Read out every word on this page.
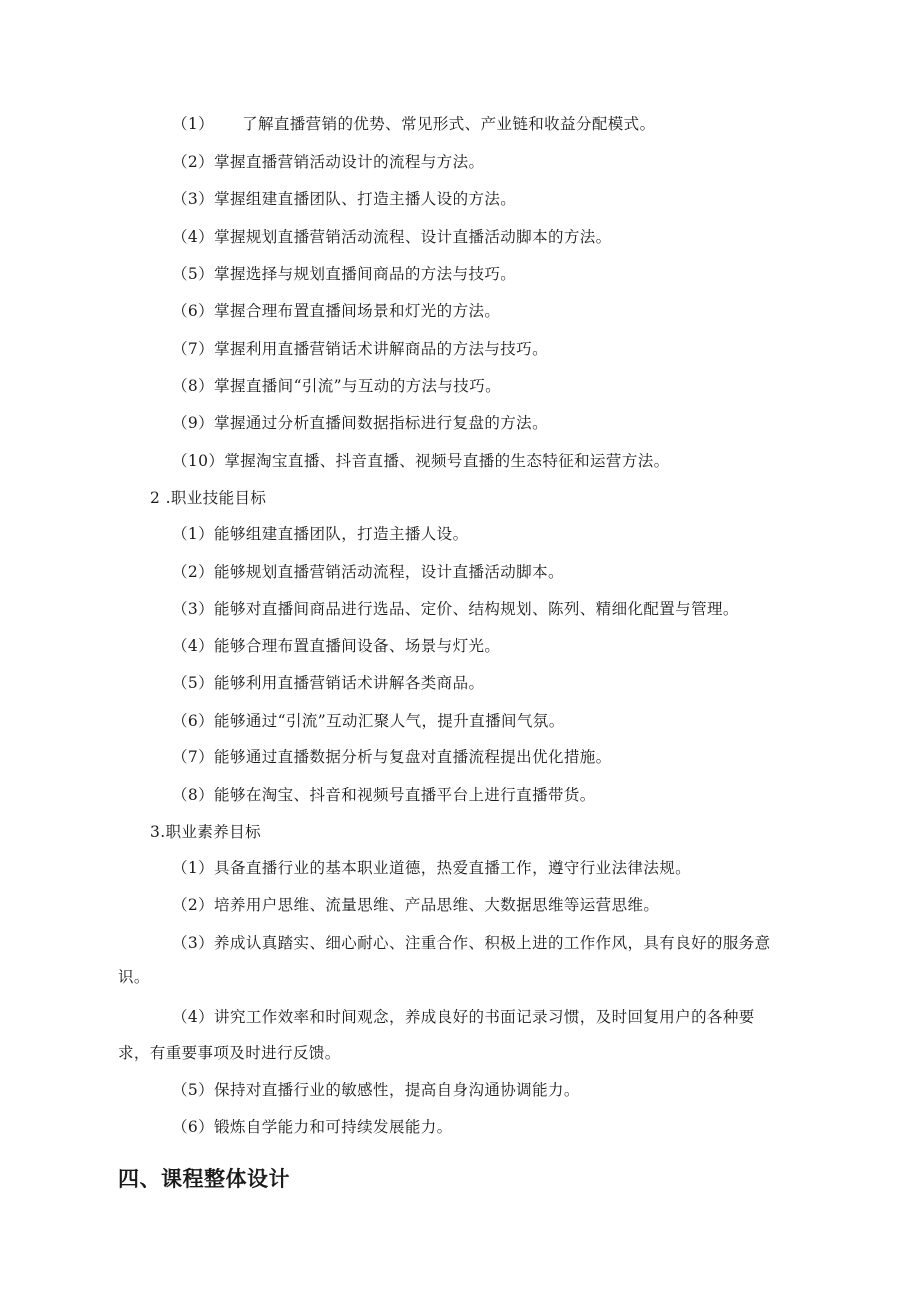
（1） 了解直播营销的优势、常见形式、产业链和收益分配模式。
（2）掌握直播营销活动设计的流程与方法。
（3）掌握组建直播团队、打造主播人设的方法。
（4）掌握规划直播营销活动流程、设计直播活动脚本的方法。
（5）掌握选择与规划直播间商品的方法与技巧。
（6）掌握合理布置直播间场景和灯光的方法。
（7）掌握利用直播营销话术讲解商品的方法与技巧。
（8）掌握直播间“引流”与互动的方法与技巧。
（9）掌握通过分析直播间数据指标进行复盘的方法。
（10）掌握淘宝直播、抖音直播、视频号直播的生态特征和运营方法。
2 .职业技能目标
（1）能够组建直播团队，打造主播人设。
（2）能够规划直播营销活动流程，设计直播活动脚本。
（3）能够对直播间商品进行选品、定价、结构规划、陈列、精细化配置与管理。
（4）能够合理布置直播间设备、场景与灯光。
（5）能够利用直播营销话术讲解各类商品。
（6）能够通过“引流”互动汇聚人气，提升直播间气氛。
（7）能够通过直播数据分析与复盘对直播流程提出优化措施。
（8）能够在淘宝、抖音和视频号直播平台上进行直播带货。
3.职业素养目标
（1）具备直播行业的基本职业道德，热爱直播工作，遵守行业法律法规。
（2）培养用户思维、流量思维、产品思维、大数据思维等运营思维。
（3）养成认真踏实、细心耐心、注重合作、积极上进的工作作风，具有良好的服务意
识。
（4）讲究工作效率和时间观念，养成良好的书面记录习惯，及时回复用户的各种要
求，有重要事项及时进行反馈。
（5）保持对直播行业的敏感性，提高自身沟通协调能力。
（6）锻炼自学能力和可持续发展能力。
四、课程整体设计
